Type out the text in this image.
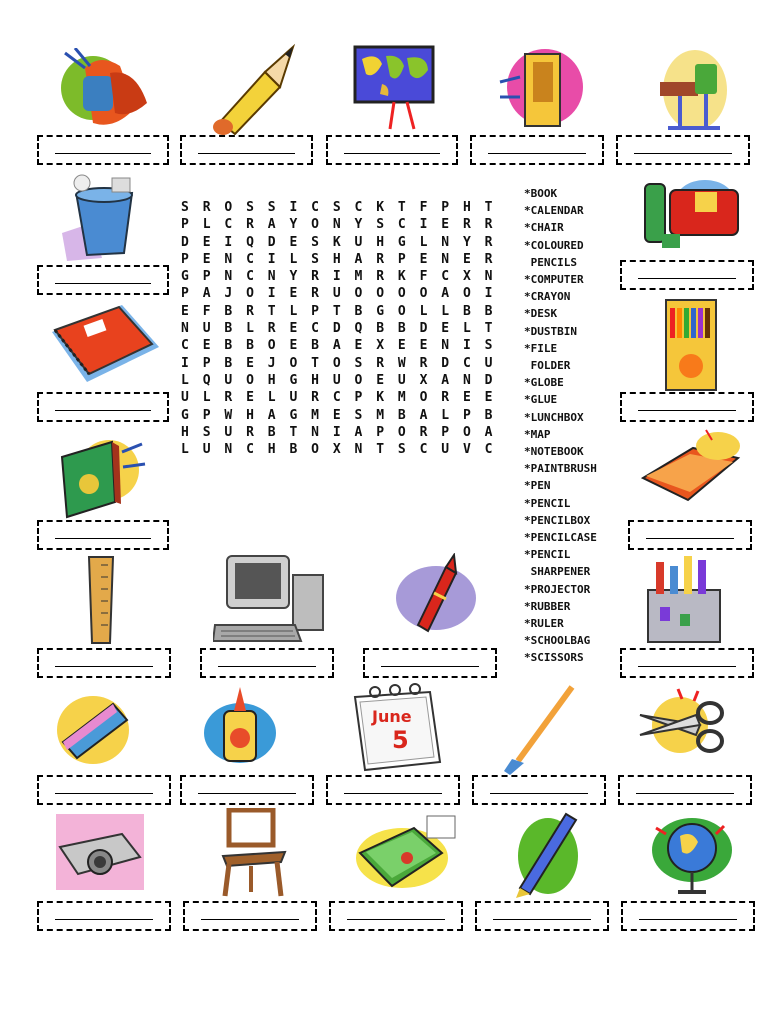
S R O S S I C S C K T F P H T
P L C R A Y O N Y S C I E R R
D E I Q D E S K U H G L N Y R
P E N C I L S H A R P E N E R
G P N C N Y R I M R K F C X N
P A J O I E R U O O O O A O I
E F B R T L P T B G O L L B B
N U B L R E C D Q B B D E L T
C E B B O E B A E X E E N I S
I P B E J O T O S R W R D C U
L Q U O H G H U O E U X A N D
U L R E L U R C P K M O R E E
G P W H A G M E S M B A L P B
H S U R B T N I A P O R P O A
L U N C H B O X N T S C U V C
*BOOK
*CALENDAR
*CHAIR
*COLOURED
PENCILS
*COMPUTER
*CRAYON
*DESK
*DUSTBIN
*FILE
FOLDER
*GLOBE
*GLUE
*LUNCHBOX
*MAP
*NOTEBOOK
*PAINTBRUSH
*PEN
*PENCIL
*PENCILBOX
*PENCILCASE
*PENCIL
SHARPENER
*PROJECTOR
*RUBBER
*RULER
*SCHOOLBAG
*SCISSORS
June
5
